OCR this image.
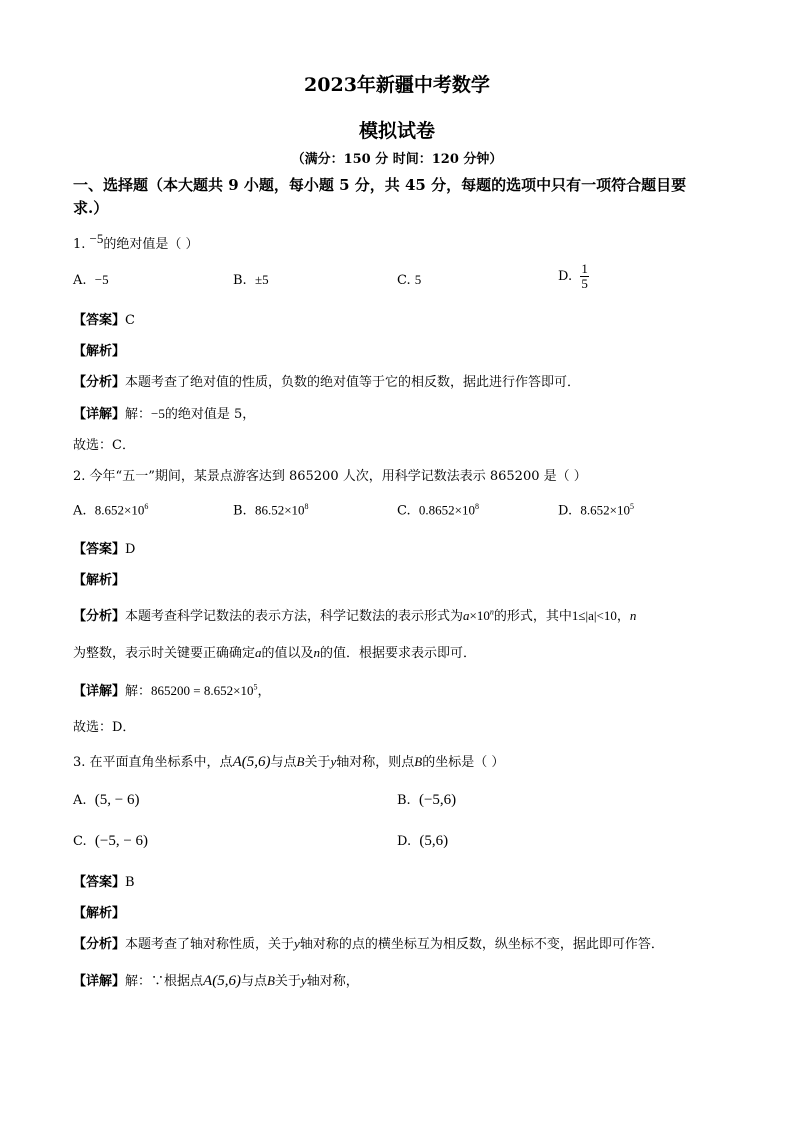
2023年新疆中考数学
模拟试卷
（满分：150 分 时间：120 分钟）
一、选择题（本大题共 9 小题，每小题 5 分，共 45 分，每题的选项中只有一项符合题目要
求.）
1. −5的绝对值是（ ）
A. −5	B. ±5	C. 5	D. $\frac{1}{5}$
【答案】C
【解析】
【分析】本题考查了绝对值的性质，负数的绝对值等于它的相反数，据此进行作答即可．
【详解】解：−5的绝对值是 5，
故选：C．
2. 今年“五一”期间，某景点游客达到 865200 人次，用科学记数法表示 865200 是（ ）
A. $8.652\times 10^6$	B. $86.52\times 10^8$	C. $0.8652\times 10^8$	D. $8.652\times 10^5$
【答案】D
【解析】
【分析】本题考查科学记数法的表示方法，科学记数法的表示形式为$a\times 10^n$的形式，其中1≤|a|<10，n
为整数，表示时关键要正确确定a的值以及n的值．根据要求表示即可．
【详解】解：$865200 = 8.652\times 10^5$，
故选：D．
3. 在平面直角坐标系中，点A(5,6)与点B关于y轴对称，则点B的坐标是（ ）
A. (5, − 6)	B. (−5,6)
C. (−5, − 6)	D. (5,6)
【答案】B
【解析】
【分析】本题考查了轴对称性质，关于y轴对称的点的横坐标互为相反数，纵坐标不变，据此即可作答．
【详解】解：∵根据点A(5,6)与点B关于y轴对称，
